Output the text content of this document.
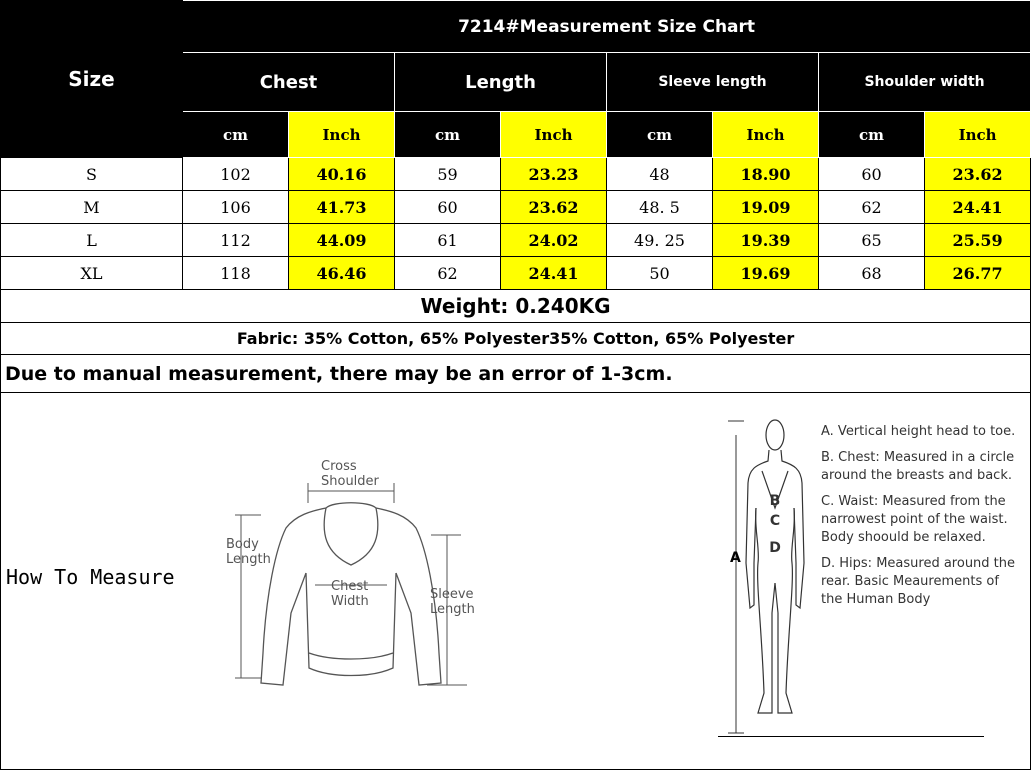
Size	7214#Measurement Size Chart							
	Chest		Length		Sleeve length		Shoulder width	
	cm	Inch	cm	Inch	cm	Inch	cm	Inch
S	102	40.16	59	23.23	48	18.90	60	23.62
M	106	41.73	60	23.62	48. 5	19.09	62	24.41
L	112	44.09	61	24.02	49. 25	19.39	65	25.59
XL	118	46.46	62	24.41	50	19.69	68	26.77
Weight: 0.240KG								
Fabric: 35% Cotton, 65% Polyester35% Cotton, 65% Polyester								
Due to manual measurement, there may be an error of 1-3cm.								
How To Measure
Cross
Shoulder
Body
Length
Chest
Width	Sleeve
Length
B
C
D
A

A. Vertical height head to toe.

B. Chest: Measured in a circle around the breasts and back.

C. Waist: Measured from the narrowest point of the waist. Body shoould be relaxed.

D. Hips: Measured around the rear. Basic Meaurements of the Human Body
